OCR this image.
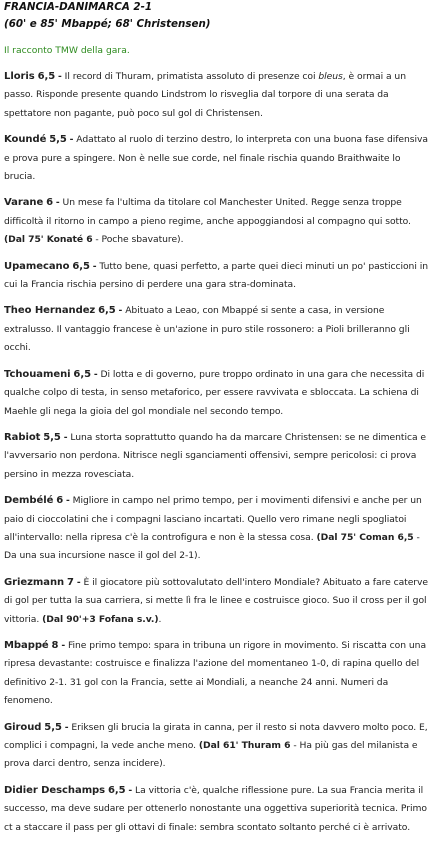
FRANCIA-DANIMARCA 2-1

(60' e 85' Mbappé; 68' Christensen)

Il racconto TMW della gara.

Lloris 6,5 - Il record di Thuram, primatista assoluto di presenze coi bleus, è ormai a un passo. Risponde presente quando Lindstrom lo risveglia dal torpore di una serata da spettatore non pagante, può poco sul gol di Christensen.

Koundé 5,5 - Adattato al ruolo di terzino destro, lo interpreta con una buona fase difensiva e prova pure a spingere. Non è nelle sue corde, nel finale rischia quando Braithwaite lo brucia.

Varane 6 - Un mese fa l'ultima da titolare col Manchester United. Regge senza troppe difficoltà il ritorno in campo a pieno regime, anche appoggiandosi al compagno qui sotto. (Dal 75' Konaté 6 - Poche sbavature).

Upamecano 6,5 - Tutto bene, quasi perfetto, a parte quei dieci minuti un po' pasticcioni in cui la Francia rischia persino di perdere una gara stra-dominata.

Theo Hernandez 6,5 - Abituato a Leao, con Mbappé si sente a casa, in versione extralusso. Il vantaggio francese è un'azione in puro stile rossonero: a Pioli brilleranno gli occhi.

Tchouameni 6,5 - Di lotta e di governo, pure troppo ordinato in una gara che necessita di qualche colpo di testa, in senso metaforico, per essere ravvivata e sbloccata. La schiena di Maehle gli nega la gioia del gol mondiale nel secondo tempo.

Rabiot 5,5 - Luna storta soprattutto quando ha da marcare Christensen: se ne dimentica e l'avversario non perdona. Nitrisce negli sganciamenti offensivi, sempre pericolosi: ci prova persino in mezza rovesciata.

Dembélé 6 - Migliore in campo nel primo tempo, per i movimenti difensivi e anche per un paio di cioccolatini che i compagni lasciano incartati. Quello vero rimane negli spogliatoi all'intervallo: nella ripresa c'è la controfigura e non è la stessa cosa. (Dal 75' Coman 6,5 - Da una sua incursione nasce il gol del 2-1).

Griezmann 7 - È il giocatore più sottovalutato dell'intero Mondiale? Abituato a fare caterve di gol per tutta la sua carriera, si mette lì fra le linee e costruisce gioco. Suo il cross per il gol vittoria. (Dal 90'+3 Fofana s.v.).

Mbappé 8 - Fine primo tempo: spara in tribuna un rigore in movimento. Si riscatta con una ripresa devastante: costruisce e finalizza l'azione del momentaneo 1-0, di rapina quello del definitivo 2-1. 31 gol con la Francia, sette ai Mondiali, a neanche 24 anni. Numeri da fenomeno.

Giroud 5,5 - Eriksen gli brucia la girata in canna, per il resto si nota davvero molto poco. E, complici i compagni, la vede anche meno. (Dal 61' Thuram 6 - Ha più gas del milanista e prova darci dentro, senza incidere).

Didier Deschamps 6,5 - La vittoria c'è, qualche riflessione pure. La sua Francia merita il successo, ma deve sudare per ottenerlo nonostante una oggettiva superiorità tecnica. Primo ct a staccare il pass per gli ottavi di finale: sembra scontato soltanto perché ci è arrivato.
